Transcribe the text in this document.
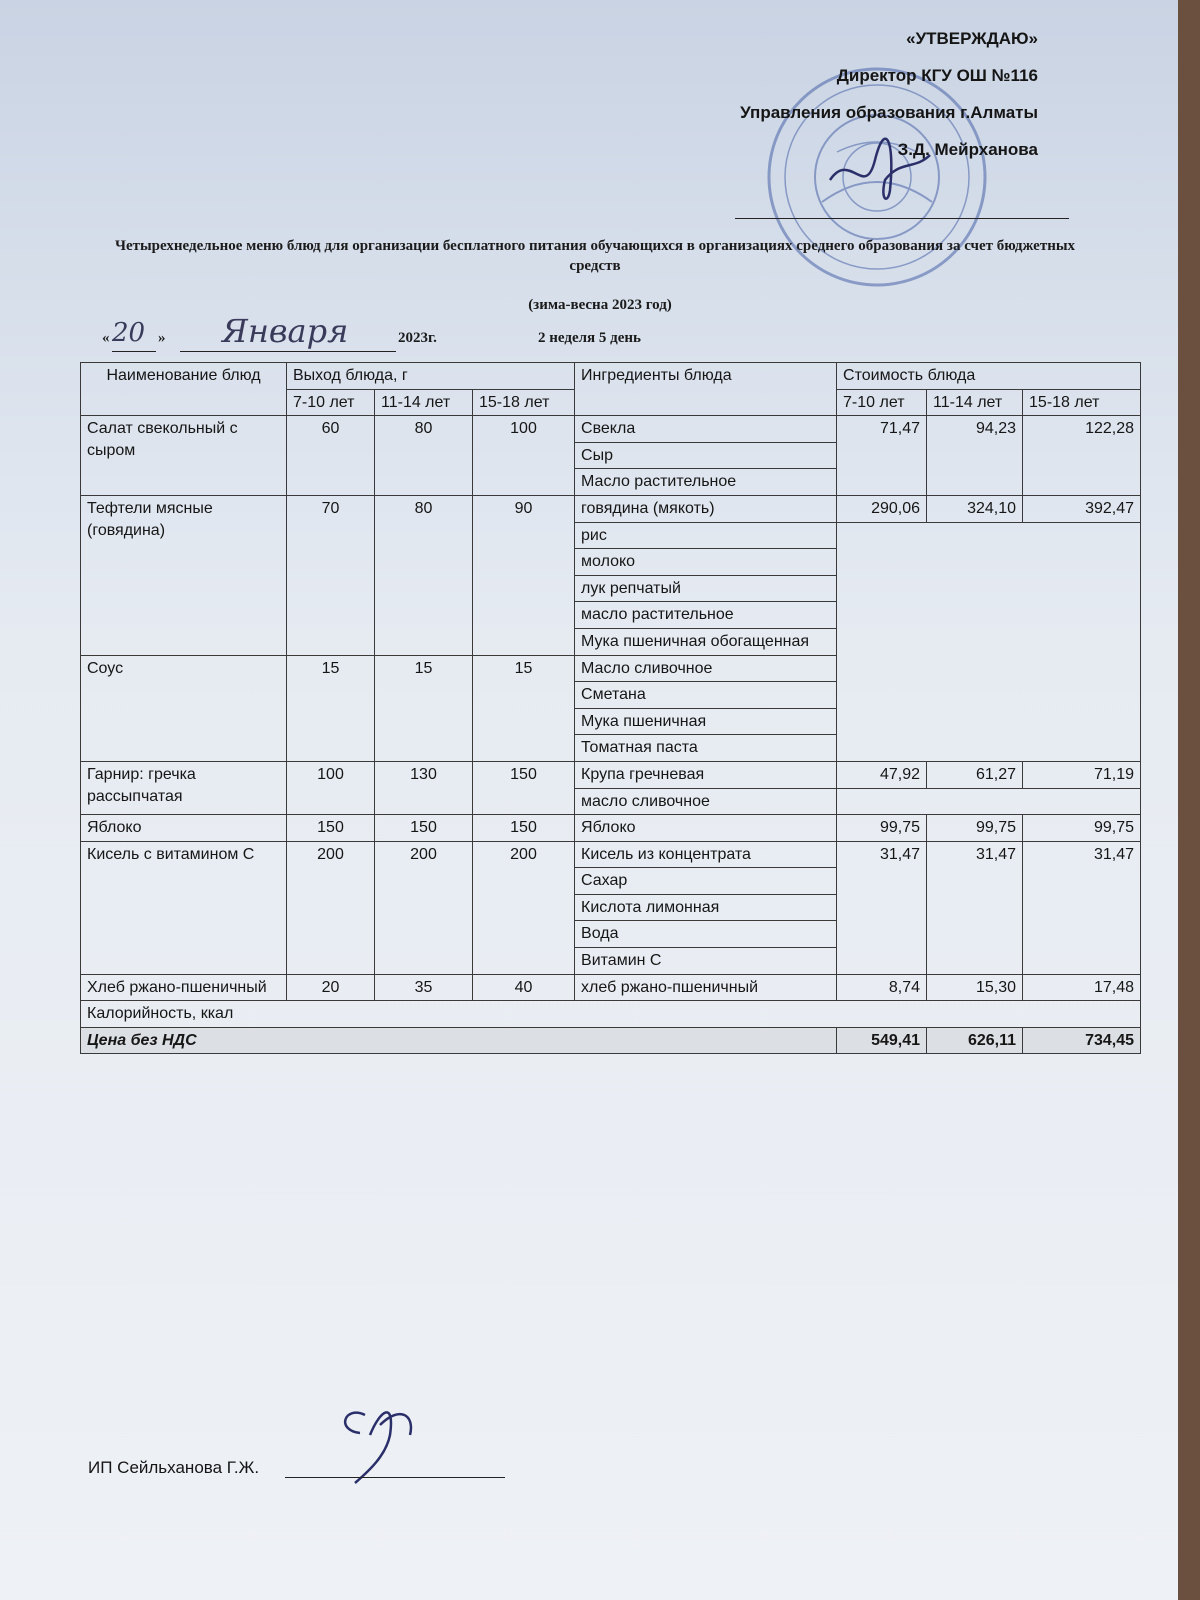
«УТВЕРЖДАЮ»
Директор КГУ ОШ №116
Управления образования г.Алматы
З.Д. Мейрханова
Четырехнедельное меню блюд для организации бесплатного питания обучающихся в организациях среднего образования за счет бюджетных средств
(зима-весна 2023 год)
« 20 » Января	2023г.	2 неделя 5 день
Наименование блюд	Выход блюда, г			Ингредиенты блюда	Стоимость блюда		
	7-10 лет	11-14 лет	15-18 лет		7-10 лет	11-14 лет	15-18 лет
Салат свекольный с сыром	60	80	100	Свекла	71,47	94,23	122,28
				Сыр			
				Масло растительное			
Тефтели мясные (говядина)	70	80	90	говядина (мякоть)	290,06	324,10	392,47
				рис			
				молоко			
				лук репчатый			
				масло растительное			
				Мука пшеничная обогащенная			
Соус	15	15	15	Масло сливочное			
				Сметана			
				Мука пшеничная			
				Томатная паста			
Гарнир: гречка рассыпчатая	100	130	150	Крупа гречневая	47,92	61,27	71,19
				масло сливочное			
Яблоко	150	150	150	Яблоко	99,75	99,75	99,75
Кисель с витамином С	200	200	200	Кисель из концентрата	31,47	31,47	31,47
				Сахар			
				Кислота лимонная			
				Вода			
				Витамин С			
Хлеб ржано-пшеничный	20	35	40	хлеб ржано-пшеничный	8,74	15,30	17,48
Калорийность, ккал							
Цена без НДС					549,41	626,11	734,45
ИП Сейльханова Г.Ж.
